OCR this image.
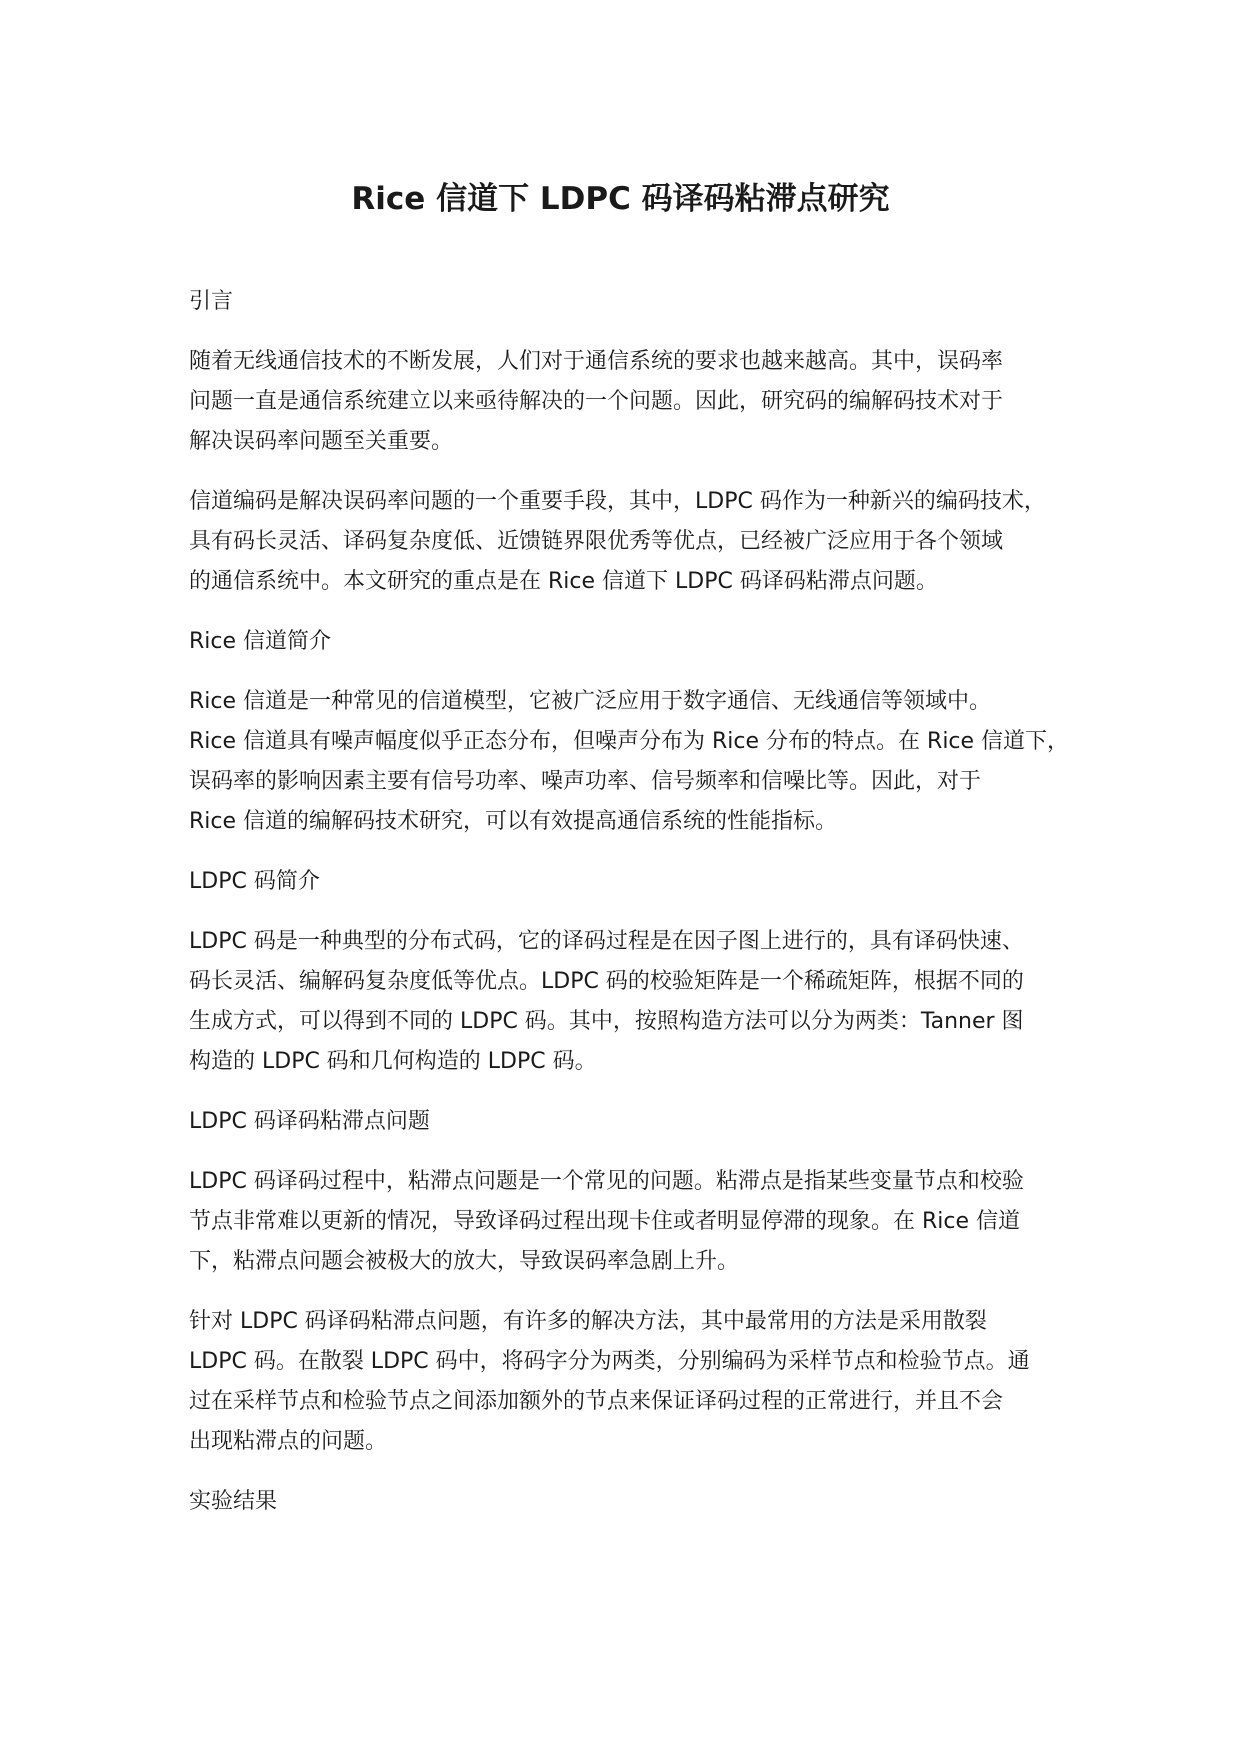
Rice 信道下 LDPC 码译码粘滞点研究
引言
随着无线通信技术的不断发展，人们对于通信系统的要求也越来越高。其中，误码率
问题一直是通信系统建立以来亟待解决的一个问题。因此，研究码的编解码技术对于
解决误码率问题至关重要。
信道编码是解决误码率问题的一个重要手段，其中，LDPC 码作为一种新兴的编码技术，
具有码长灵活、译码复杂度低、近馈链界限优秀等优点，已经被广泛应用于各个领域
的通信系统中。本文研究的重点是在 Rice 信道下 LDPC 码译码粘滞点问题。
Rice 信道简介
Rice 信道是一种常见的信道模型，它被广泛应用于数字通信、无线通信等领域中。
Rice 信道具有噪声幅度似乎正态分布，但噪声分布为 Rice 分布的特点。在 Rice 信道下，
误码率的影响因素主要有信号功率、噪声功率、信号频率和信噪比等。因此，对于
Rice 信道的编解码技术研究，可以有效提高通信系统的性能指标。
LDPC 码简介
LDPC 码是一种典型的分布式码，它的译码过程是在因子图上进行的，具有译码快速、
码长灵活、编解码复杂度低等优点。LDPC 码的校验矩阵是一个稀疏矩阵，根据不同的
生成方式，可以得到不同的 LDPC 码。其中，按照构造方法可以分为两类：Tanner 图
构造的 LDPC 码和几何构造的 LDPC 码。
LDPC 码译码粘滞点问题
LDPC 码译码过程中，粘滞点问题是一个常见的问题。粘滞点是指某些变量节点和校验
节点非常难以更新的情况，导致译码过程出现卡住或者明显停滞的现象。在 Rice 信道
下，粘滞点问题会被极大的放大，导致误码率急剧上升。
针对 LDPC 码译码粘滞点问题，有许多的解决方法，其中最常用的方法是采用散裂
LDPC 码。在散裂 LDPC 码中，将码字分为两类，分别编码为采样节点和检验节点。通
过在采样节点和检验节点之间添加额外的节点来保证译码过程的正常进行，并且不会
出现粘滞点的问题。
实验结果
